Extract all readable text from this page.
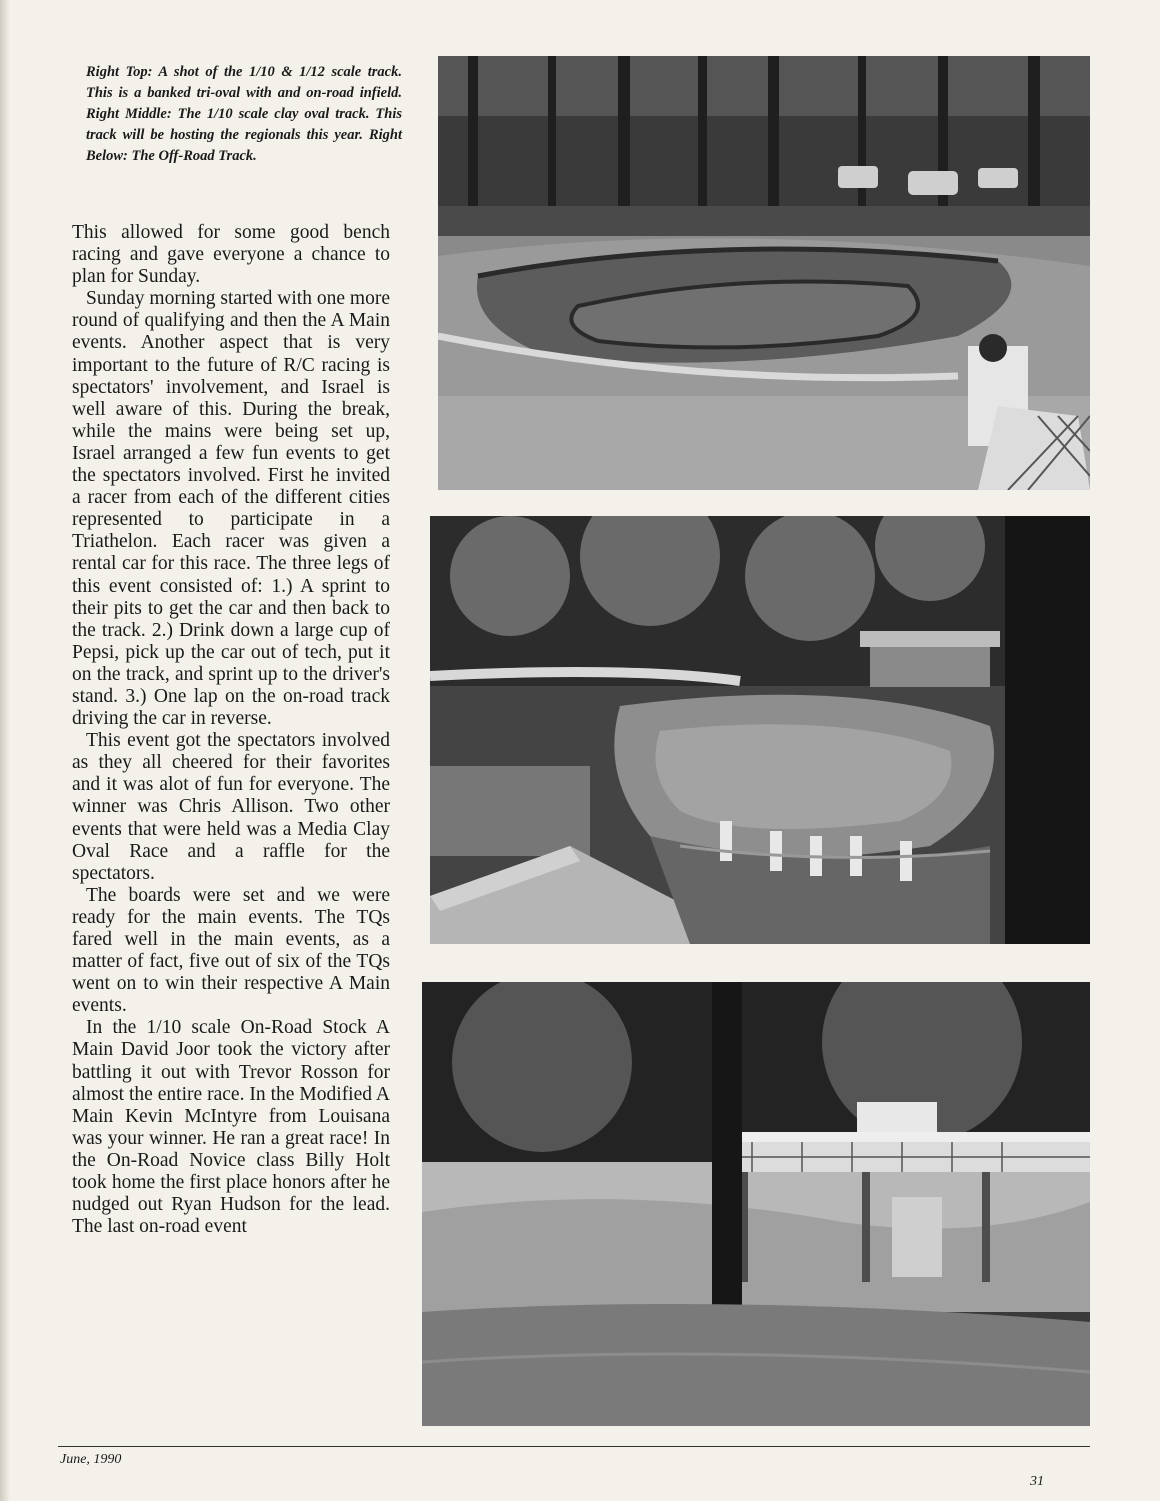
Right Top: A shot of the 1/10 & 1/12 scale track. This is a banked tri-oval with and on-road infield. Right Middle: The 1/10 scale clay oval track. This track will be hosting the regionals this year. Right Below: The Off-Road Track.

This allowed for some good bench racing and gave everyone a chance to plan for Sunday.

Sunday morning started with one more round of qualifying and then the A Main events. Another aspect that is very important to the future of R/C racing is spectators' involvement, and Israel is well aware of this. During the break, while the mains were being set up, Israel arranged a few fun events to get the spectators involved. First he invited a racer from each of the different cities represented to participate in a Triathelon. Each racer was given a rental car for this race. The three legs of this event consisted of: 1.) A sprint to their pits to get the car and then back to the track. 2.) Drink down a large cup of Pepsi, pick up the car out of tech, put it on the track, and sprint up to the driver's stand. 3.) One lap on the on-road track driving the car in reverse.

This event got the spectators involved as they all cheered for their favorites and it was alot of fun for everyone. The winner was Chris Allison. Two other events that were held was a Media Clay Oval Race and a raffle for the spectators.

The boards were set and we were ready for the main events. The TQs fared well in the main events, as a matter of fact, five out of six of the TQs went on to win their respective A Main events.

In the 1/10 scale On-Road Stock A Main David Joor took the victory after battling it out with Trevor Rosson for almost the entire race. In the Modified A Main Kevin McIntyre from Louisana was your winner. He ran a great race! In the On-Road Novice class Billy Holt took home the first place honors after he nudged out Ryan Hudson for the lead. The last on-road event

June, 1990
31
